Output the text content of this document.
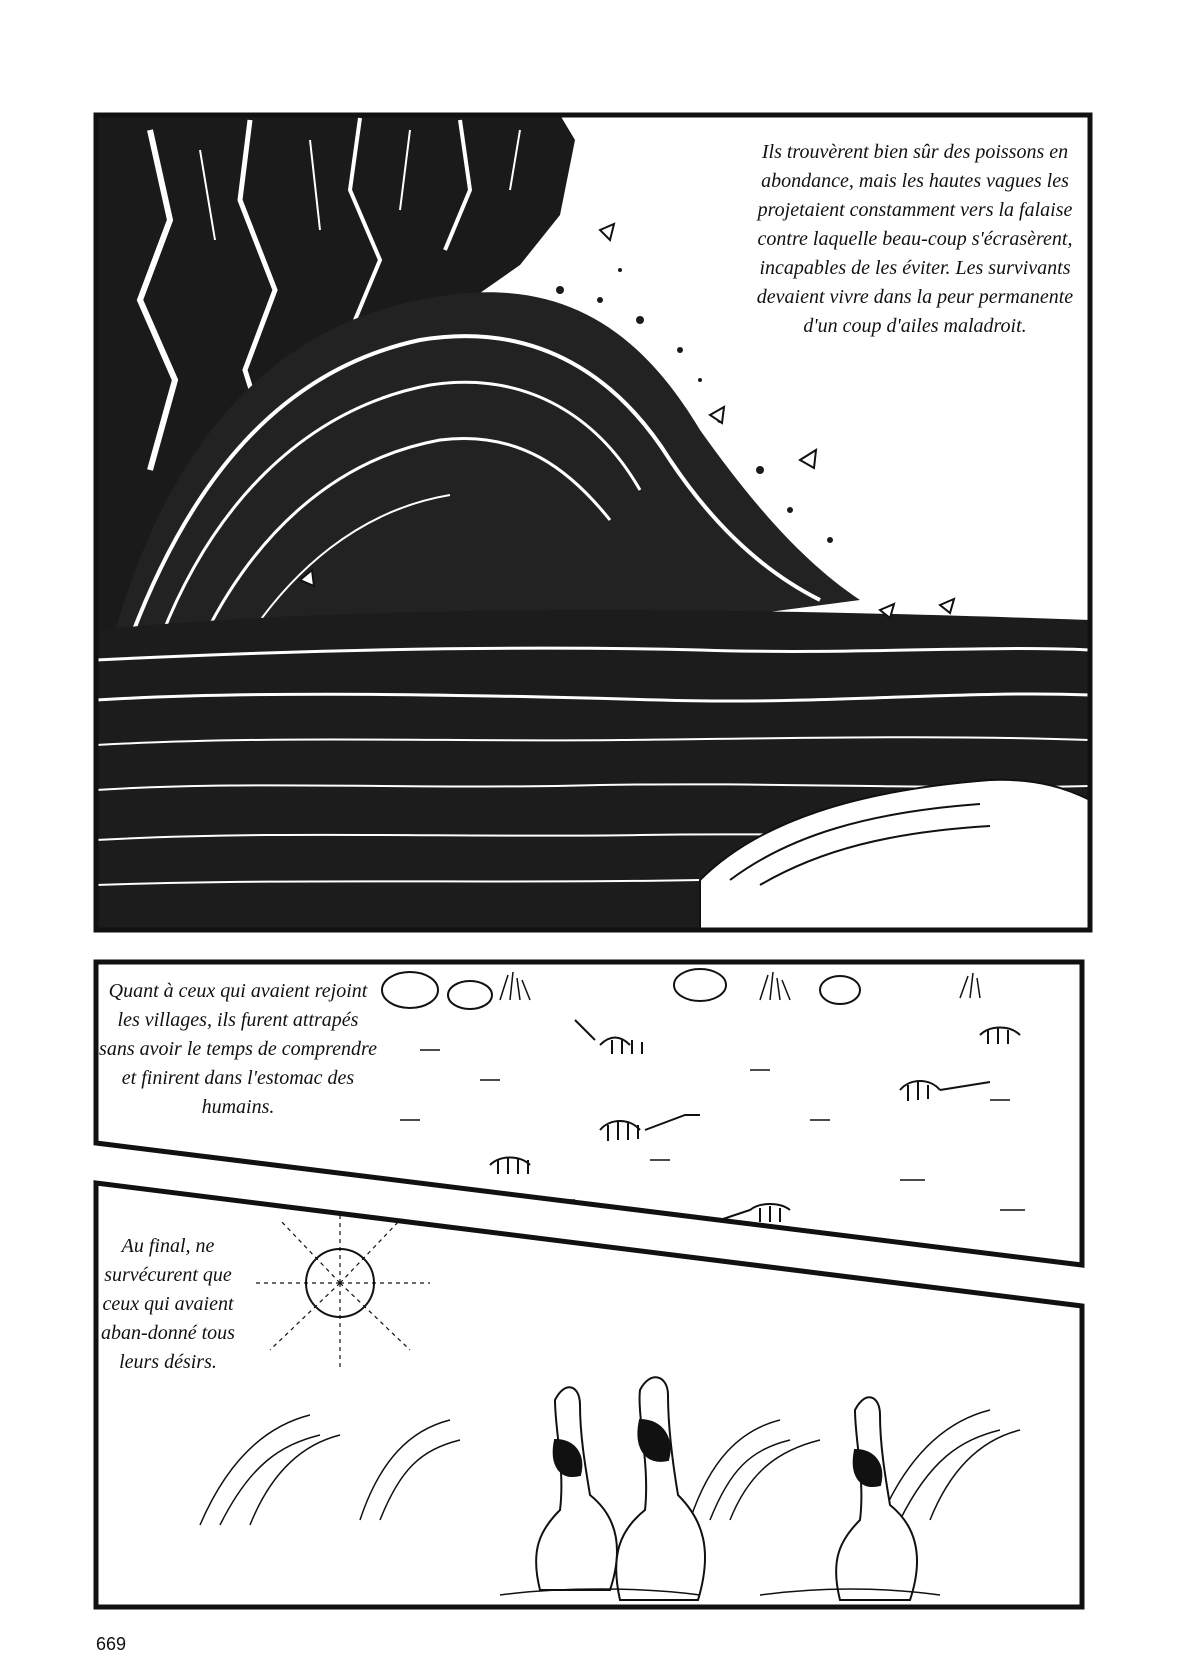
Ils trouvèrent bien sûr des poissons en abondance, mais les hautes vagues les projetaient constamment vers la falaise contre laquelle beau-coup s'écrasèrent, incapables de les éviter. Les survivants devaient vivre dans la peur permanente d'un coup d'ailes maladroit.
Quant à ceux qui avaient rejoint les villages, ils furent attrapés sans avoir le temps de comprendre et finirent dans l'estomac des humains.
Au final, ne survécurent que ceux qui avaient aban-donné tous leurs désirs.
669
